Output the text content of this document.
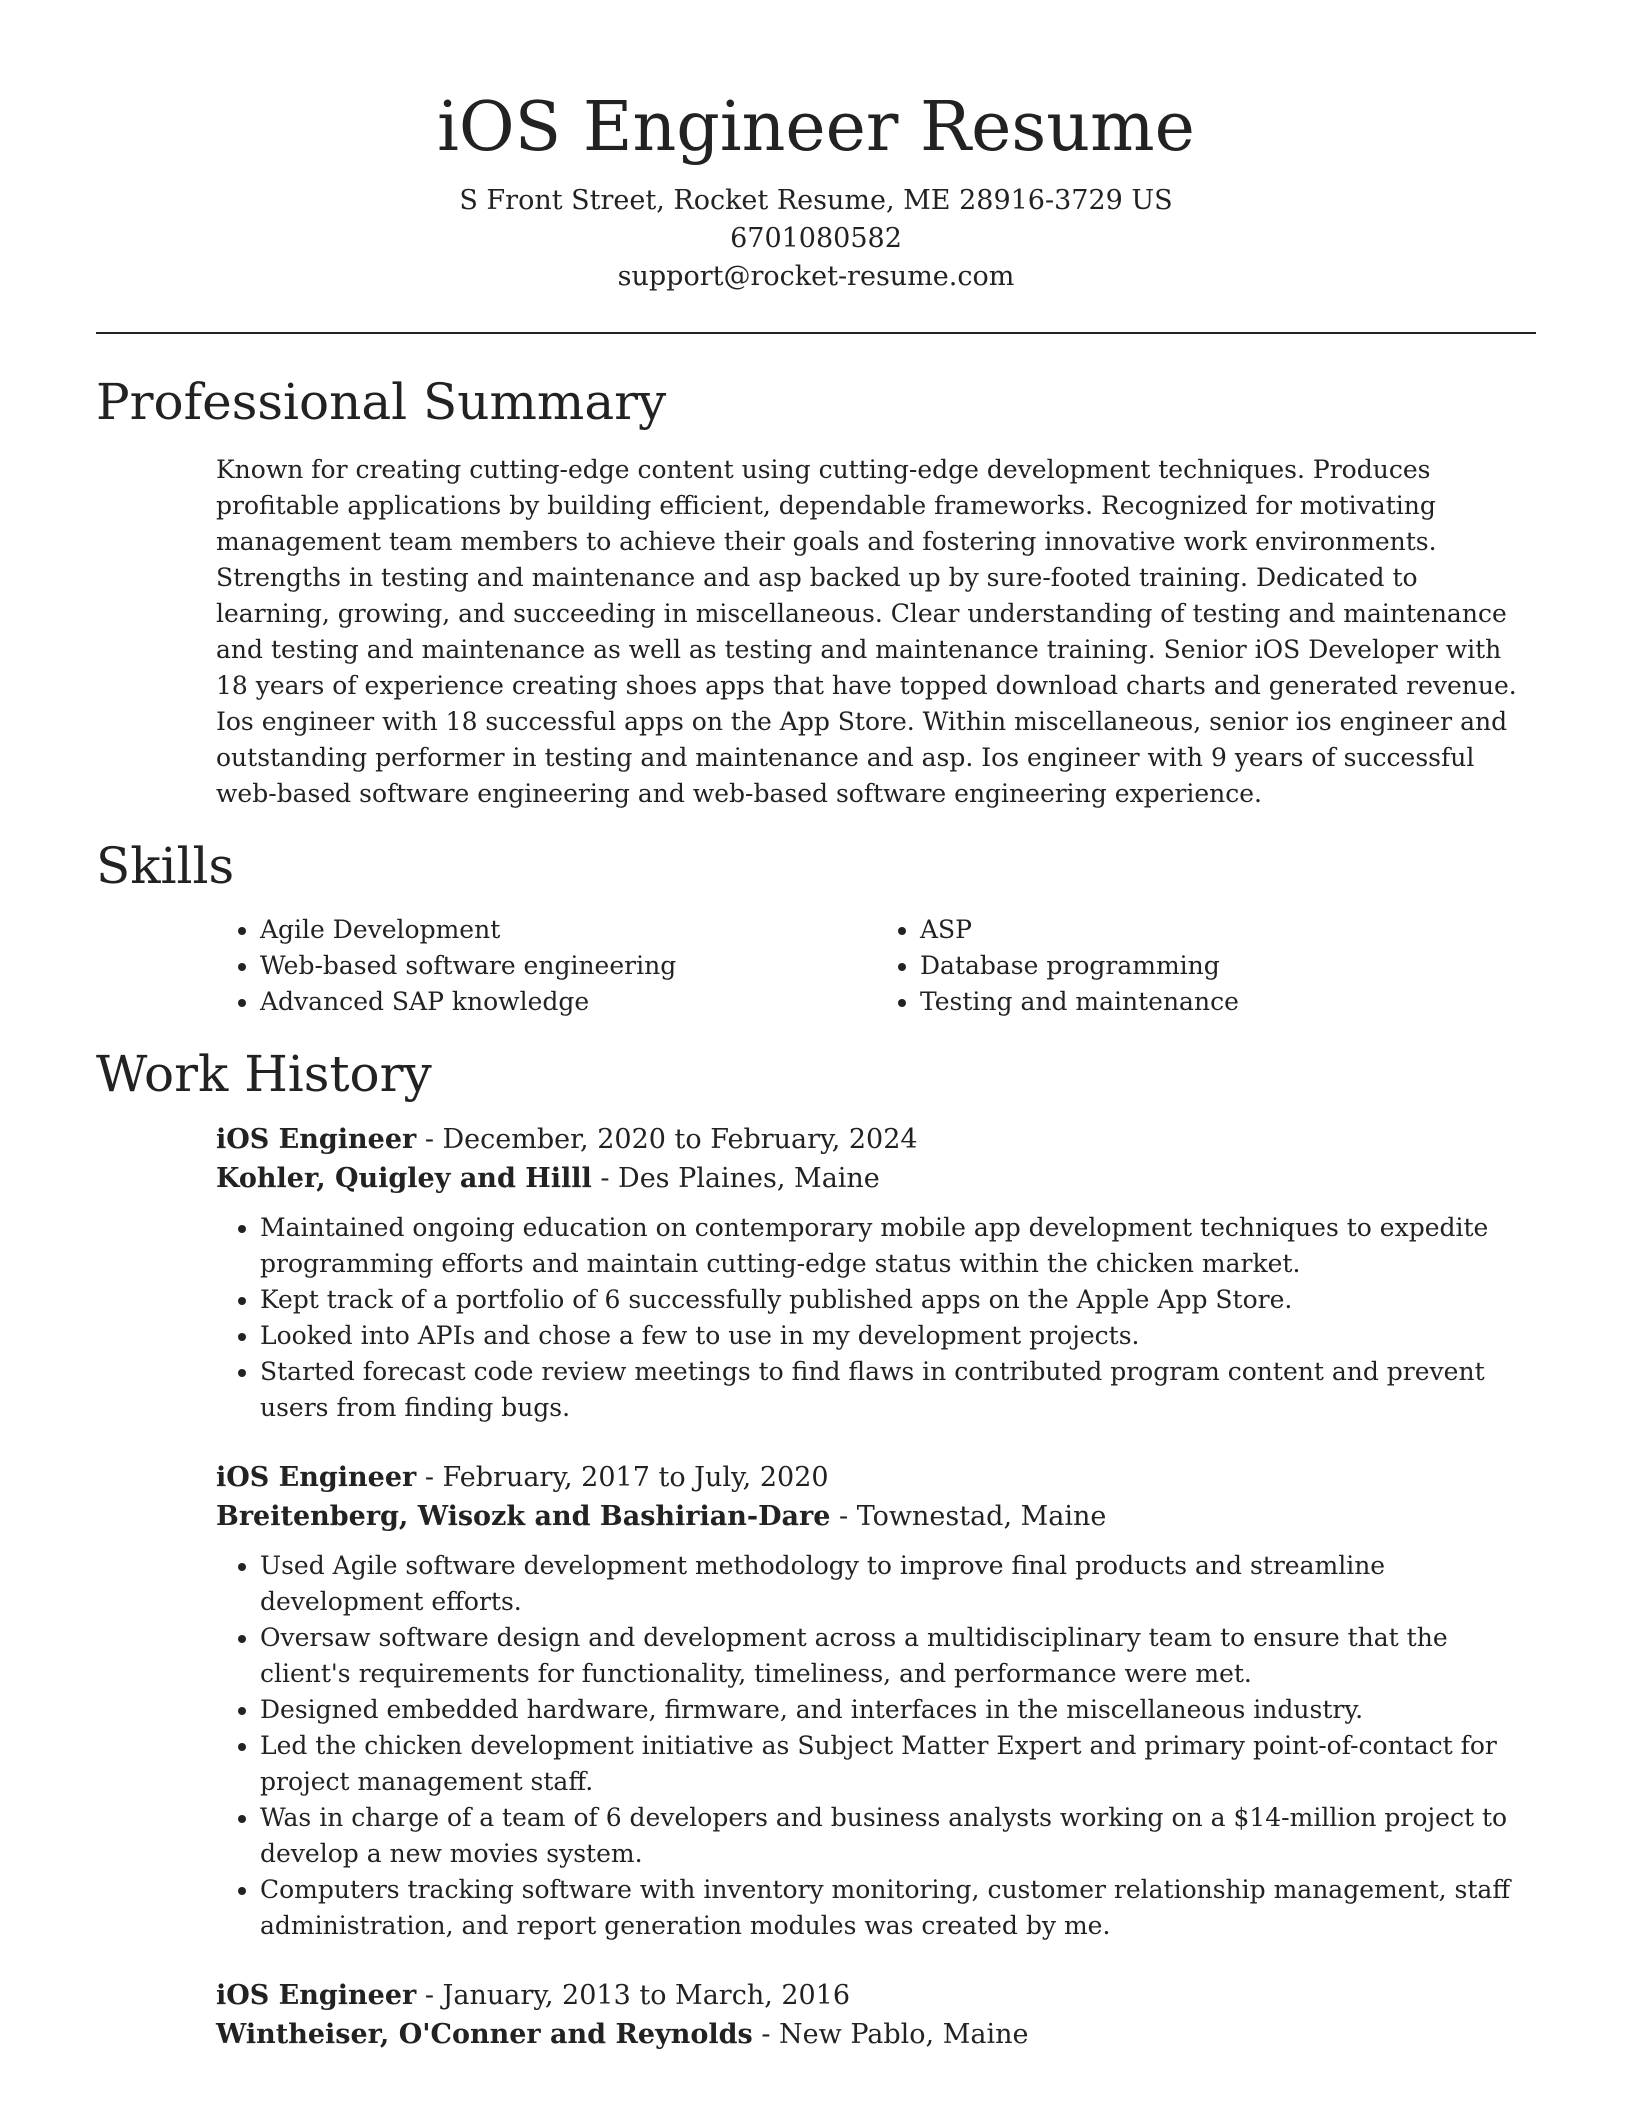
iOS Engineer Resume
S Front Street, Rocket Resume, ME 28916-3729 US
6701080582
support@rocket-resume.com
Professional Summary
Known for creating cutting-edge content using cutting-edge development techniques. Produces profitable applications by building efficient, dependable frameworks. Recognized for motivating management team members to achieve their goals and fostering innovative work environments. Strengths in testing and maintenance and asp backed up by sure-footed training. Dedicated to learning, growing, and succeeding in miscellaneous. Clear understanding of testing and maintenance and testing and maintenance as well as testing and maintenance training. Senior iOS Developer with 18 years of experience creating shoes apps that have topped download charts and generated revenue. Ios engineer with 18 successful apps on the App Store. Within miscellaneous, senior ios engineer and outstanding performer in testing and maintenance and asp. Ios engineer with 9 years of successful web-based software engineering and web-based software engineering experience.
Skills
• Agile Development
• Web-based software engineering
• Advanced SAP knowledge
• ASP
• Database programming
• Testing and maintenance
Work History
iOS Engineer - December, 2020 to February, 2024
Kohler, Quigley and Hilll - Des Plaines, Maine
• Maintained ongoing education on contemporary mobile app development techniques to expedite programming efforts and maintain cutting-edge status within the chicken market.
• Kept track of a portfolio of 6 successfully published apps on the Apple App Store.
• Looked into APIs and chose a few to use in my development projects.
• Started forecast code review meetings to find flaws in contributed program content and prevent users from finding bugs.
iOS Engineer - February, 2017 to July, 2020
Breitenberg, Wisozk and Bashirian-Dare - Townestad, Maine
• Used Agile software development methodology to improve final products and streamline development efforts.
• Oversaw software design and development across a multidisciplinary team to ensure that the client's requirements for functionality, timeliness, and performance were met.
• Designed embedded hardware, firmware, and interfaces in the miscellaneous industry.
• Led the chicken development initiative as Subject Matter Expert and primary point-of-contact for project management staff.
• Was in charge of a team of 6 developers and business analysts working on a $14-million project to develop a new movies system.
• Computers tracking software with inventory monitoring, customer relationship management, staff administration, and report generation modules was created by me.
iOS Engineer - January, 2013 to March, 2016
Wintheiser, O'Conner and Reynolds - New Pablo, Maine
